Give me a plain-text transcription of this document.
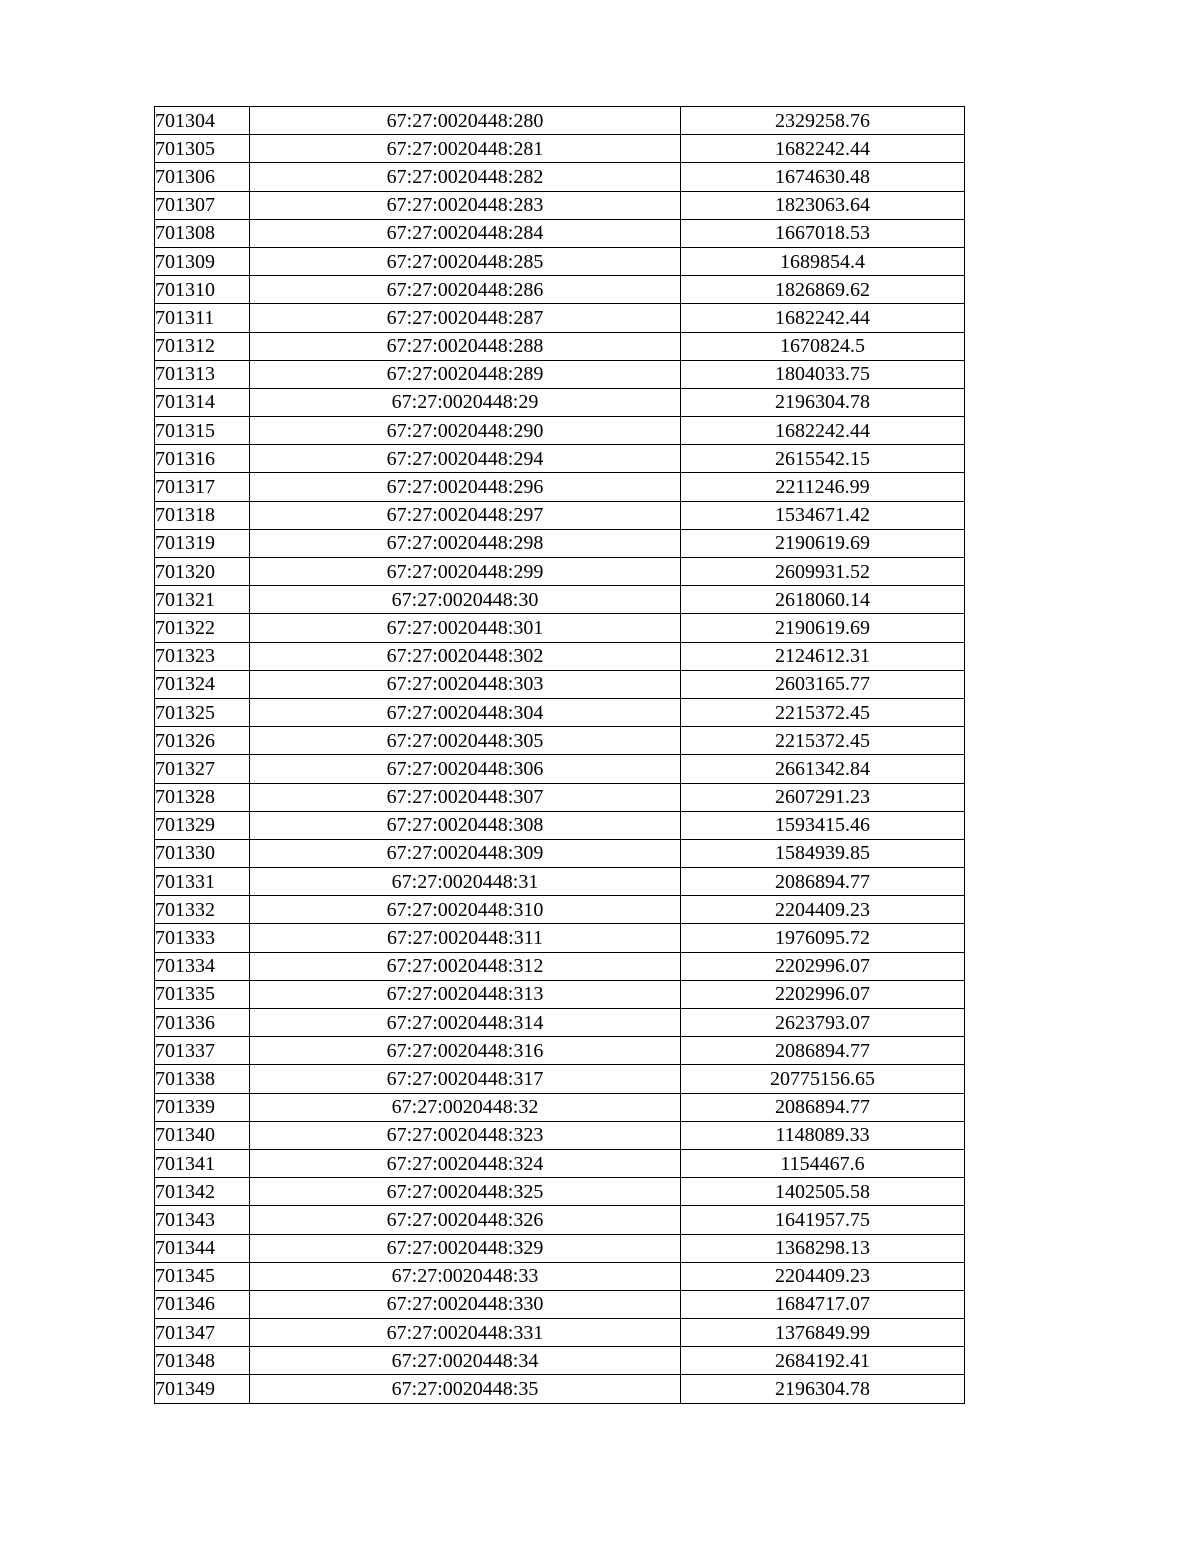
701304	67:27:0020448:280	2329258.76
701305	67:27:0020448:281	1682242.44
701306	67:27:0020448:282	1674630.48
701307	67:27:0020448:283	1823063.64
701308	67:27:0020448:284	1667018.53
701309	67:27:0020448:285	1689854.4
701310	67:27:0020448:286	1826869.62
701311	67:27:0020448:287	1682242.44
701312	67:27:0020448:288	1670824.5
701313	67:27:0020448:289	1804033.75
701314	67:27:0020448:29	2196304.78
701315	67:27:0020448:290	1682242.44
701316	67:27:0020448:294	2615542.15
701317	67:27:0020448:296	2211246.99
701318	67:27:0020448:297	1534671.42
701319	67:27:0020448:298	2190619.69
701320	67:27:0020448:299	2609931.52
701321	67:27:0020448:30	2618060.14
701322	67:27:0020448:301	2190619.69
701323	67:27:0020448:302	2124612.31
701324	67:27:0020448:303	2603165.77
701325	67:27:0020448:304	2215372.45
701326	67:27:0020448:305	2215372.45
701327	67:27:0020448:306	2661342.84
701328	67:27:0020448:307	2607291.23
701329	67:27:0020448:308	1593415.46
701330	67:27:0020448:309	1584939.85
701331	67:27:0020448:31	2086894.77
701332	67:27:0020448:310	2204409.23
701333	67:27:0020448:311	1976095.72
701334	67:27:0020448:312	2202996.07
701335	67:27:0020448:313	2202996.07
701336	67:27:0020448:314	2623793.07
701337	67:27:0020448:316	2086894.77
701338	67:27:0020448:317	20775156.65
701339	67:27:0020448:32	2086894.77
701340	67:27:0020448:323	1148089.33
701341	67:27:0020448:324	1154467.6
701342	67:27:0020448:325	1402505.58
701343	67:27:0020448:326	1641957.75
701344	67:27:0020448:329	1368298.13
701345	67:27:0020448:33	2204409.23
701346	67:27:0020448:330	1684717.07
701347	67:27:0020448:331	1376849.99
701348	67:27:0020448:34	2684192.41
701349	67:27:0020448:35	2196304.78
